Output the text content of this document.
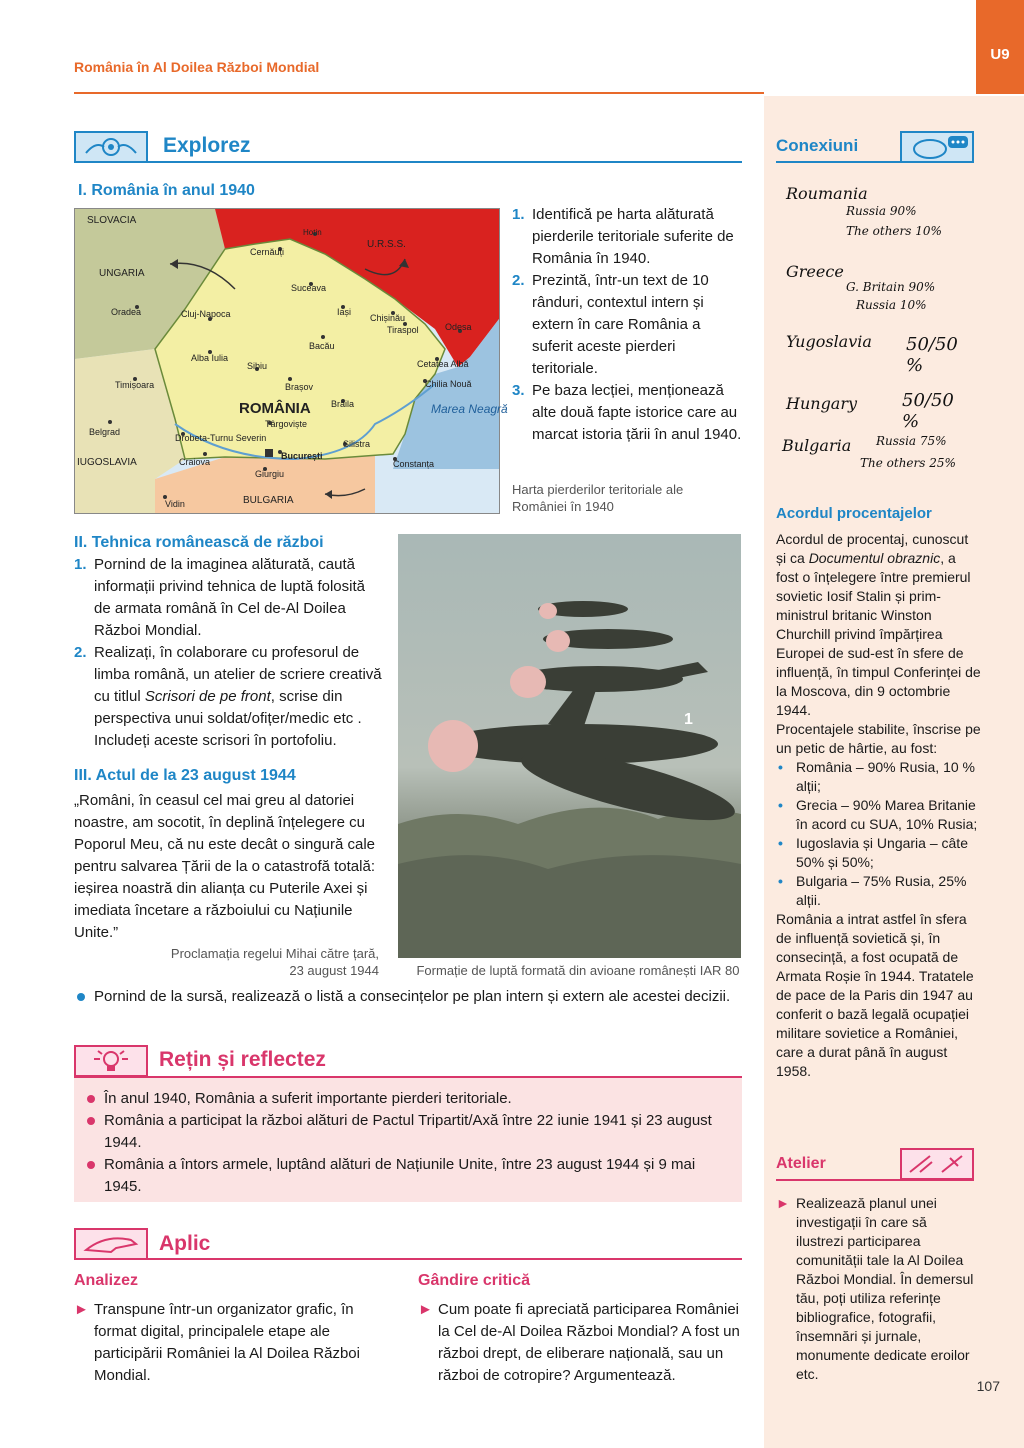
România în Al Doilea Război Mondial
U9
Explorez
I. România în anul 1940
SLOVACIA
UNGARIA
U.R.S.S.
IUGOSLAVIA
BULGARIA
Hotin
Cernăuți
Suceava
Iași
Chișinău
Tiraspol	Odesa
Oradea	Cluj-Napoca
Bacău
Alba Iulia
Sibiu	Cetatea Albă
Timișoara	Brașov	Chilia Nouă
ROMÂNIA
Târgoviște
Brăila	Marea Neagră
Belgrad
Drobeta-Turnu Severin
București
Craiova	Constanța
Giurgiu
Silistra
Vidin
1. Identifică pe harta alăturată pierderile teritoriale suferite de România în 1940.
2. Prezintă, într-un text de 10 rânduri, contextul intern și extern în care România a suferit aceste pierderi teritoriale.
3. Pe baza lecției, menționează alte două fapte istorice care au marcat istoria țării în anul 1940.
Harta pierderilor teritoriale ale României în 1940
II. Tehnica românească de război
1. Pornind de la imaginea alăturată, caută informații privind tehnica de luptă folosită de armata română în Cel de-Al Doilea Război Mondial.
2. Realizați, în colaborare cu profesorul de limba română, un atelier de scriere creativă cu titlul Scrisori de pe front, scrise din perspectiva unui soldat/ofițer/medic etc . Includeți aceste scrisori în portofoliu.
1
Formație de luptă formată din avioane românești IAR 80
III. Actul de la 23 august 1944
„Români, în ceasul cel mai greu al datoriei noastre, am socotit, în deplină înțelegere cu Poporul Meu, că nu este decât o singură cale pentru salvarea Țării de la o catastrofă totală: ieșirea noastră din alianța cu Puterile Axei și imediata încetare a războiului cu Națiunile Unite.”
Proclamația regelui Mihai către țară,
23 august 1944
Pornind de la sursă, realizează o listă a consecințelor pe plan intern și extern ale acestei decizii.
Rețin și reflectez
În anul 1940, România a suferit importante pierderi teritoriale.
România a participat la război alături de Pactul Tripartit/Axă între 22 iunie 1941 și 23 august 1944.
România a întors armele, luptând alături de Națiunile Unite, între 23 august 1944 și 9 mai 1945.
Aplic
Analizez
► Transpune într-un organizator grafic, în format digital, principalele etape ale participării României la Al Doilea Război Mondial.
Gândire critică
► Cum poate fi apreciată participarea României la Cel de-Al Doilea Război Mondial? A fost un război drept, de eliberare națională, sau un război de cotropire? Argumentează.
Conexiuni
Roumania
Russia 90%
The others 10%
Greece
G. Britain 90%
Russia 10%
Yugoslavia 50/50 %
Hungary 50/50 %
Bulgaria Russia 75%
The others 25%
Acordul procentajelor
Acordul de procentaj, cunoscut și ca Documentul obraznic, a fost o înțelegere între premierul sovietic Iosif Stalin și prim-ministrul britanic Winston Churchill privind împărțirea Europei de sud-est în sfere de influență, în timpul Conferinței de la Moscova, din 9 octombrie 1944.
Procentajele stabilite, înscrise pe un petic de hârtie, au fost:
• România – 90% Rusia, 10 % alții;
• Grecia – 90% Marea Britanie în acord cu SUA, 10% Rusia;
• Iugoslavia și Ungaria – câte 50% și 50%;
• Bulgaria – 75% Rusia, 25% alții.
România a intrat astfel în sfera de influență sovietică și, în consecință, a fost ocupată de Armata Roșie în 1944. Tratatele de pace de la Paris din 1947 au conferit o bază legală ocupației militare sovietice a României, care a durat până în august 1958.
Atelier
► Realizează planul unei investigații în care să ilustrezi participarea comunității tale la Al Doilea Război Mondial. În demersul tău, poți utiliza referințe bibliografice, fotografii, însemnări și jurnale, monumente dedicate eroilor etc.
107
